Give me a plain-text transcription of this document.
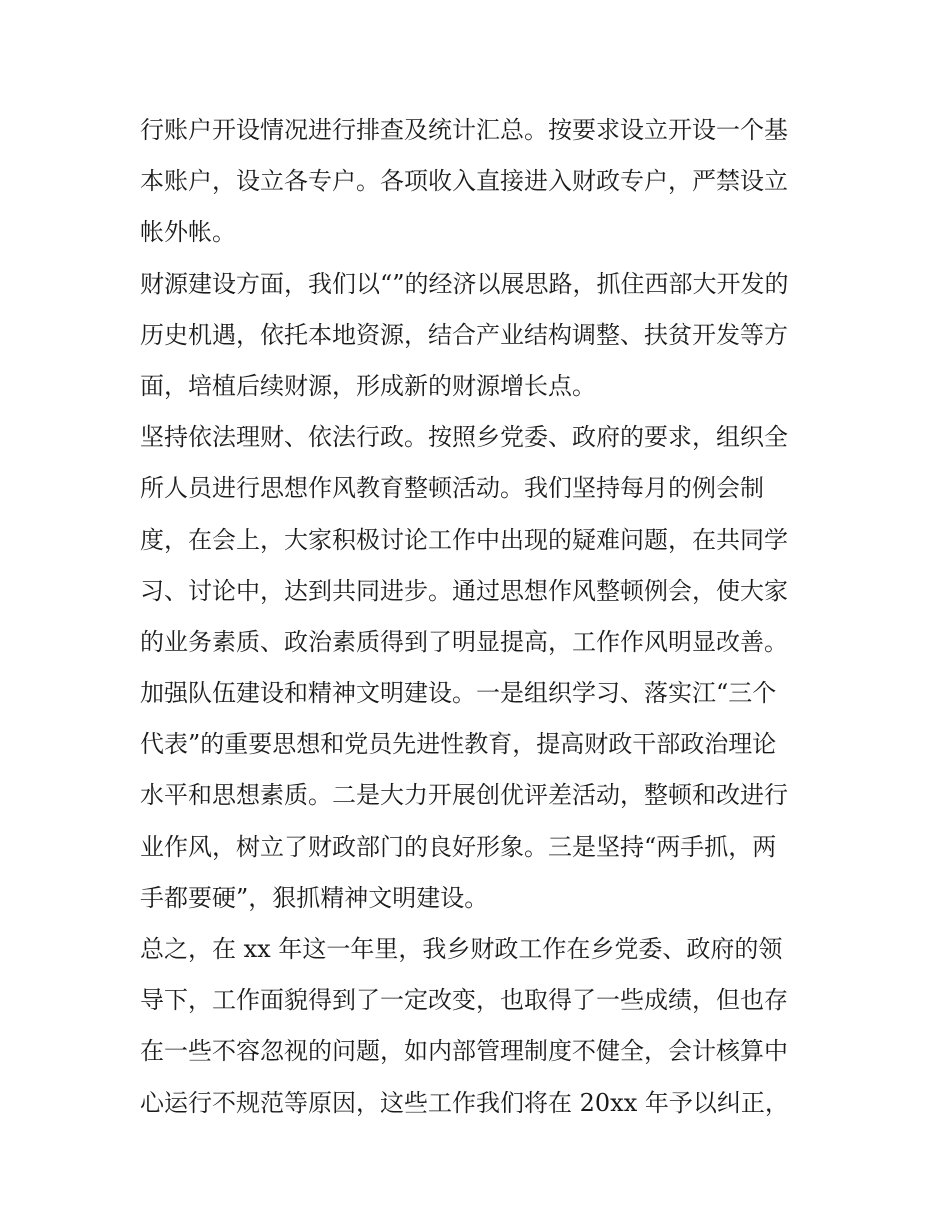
行账户开设情况进行排查及统计汇总。按要求设立开设一个基
本账户，设立各专户。各项收入直接进入财政专户，严禁设立
帐外帐。
财源建设方面，我们以“”的经济以展思路，抓住西部大开发的
历史机遇，依托本地资源，结合产业结构调整、扶贫开发等方
面，培植后续财源，形成新的财源增长点。
坚持依法理财、依法行政。按照乡党委、政府的要求，组织全
所人员进行思想作风教育整顿活动。我们坚持每月的例会制
度，在会上，大家积极讨论工作中出现的疑难问题，在共同学
习、讨论中，达到共同进步。通过思想作风整顿例会，使大家
的业务素质、政治素质得到了明显提高，工作作风明显改善。
加强队伍建设和精神文明建设。一是组织学习、落实江“三个
代表”的重要思想和党员先进性教育，提高财政干部政治理论
水平和思想素质。二是大力开展创优评差活动，整顿和改进行
业作风，树立了财政部门的良好形象。三是坚持“两手抓，两
手都要硬”，狠抓精神文明建设。
总之，在 xx 年这一年里，我乡财政工作在乡党委、政府的领
导下，工作面貌得到了一定改变，也取得了一些成绩，但也存
在一些不容忽视的问题，如内部管理制度不健全，会计核算中
心运行不规范等原因，这些工作我们将在 20xx 年予以纠正，
